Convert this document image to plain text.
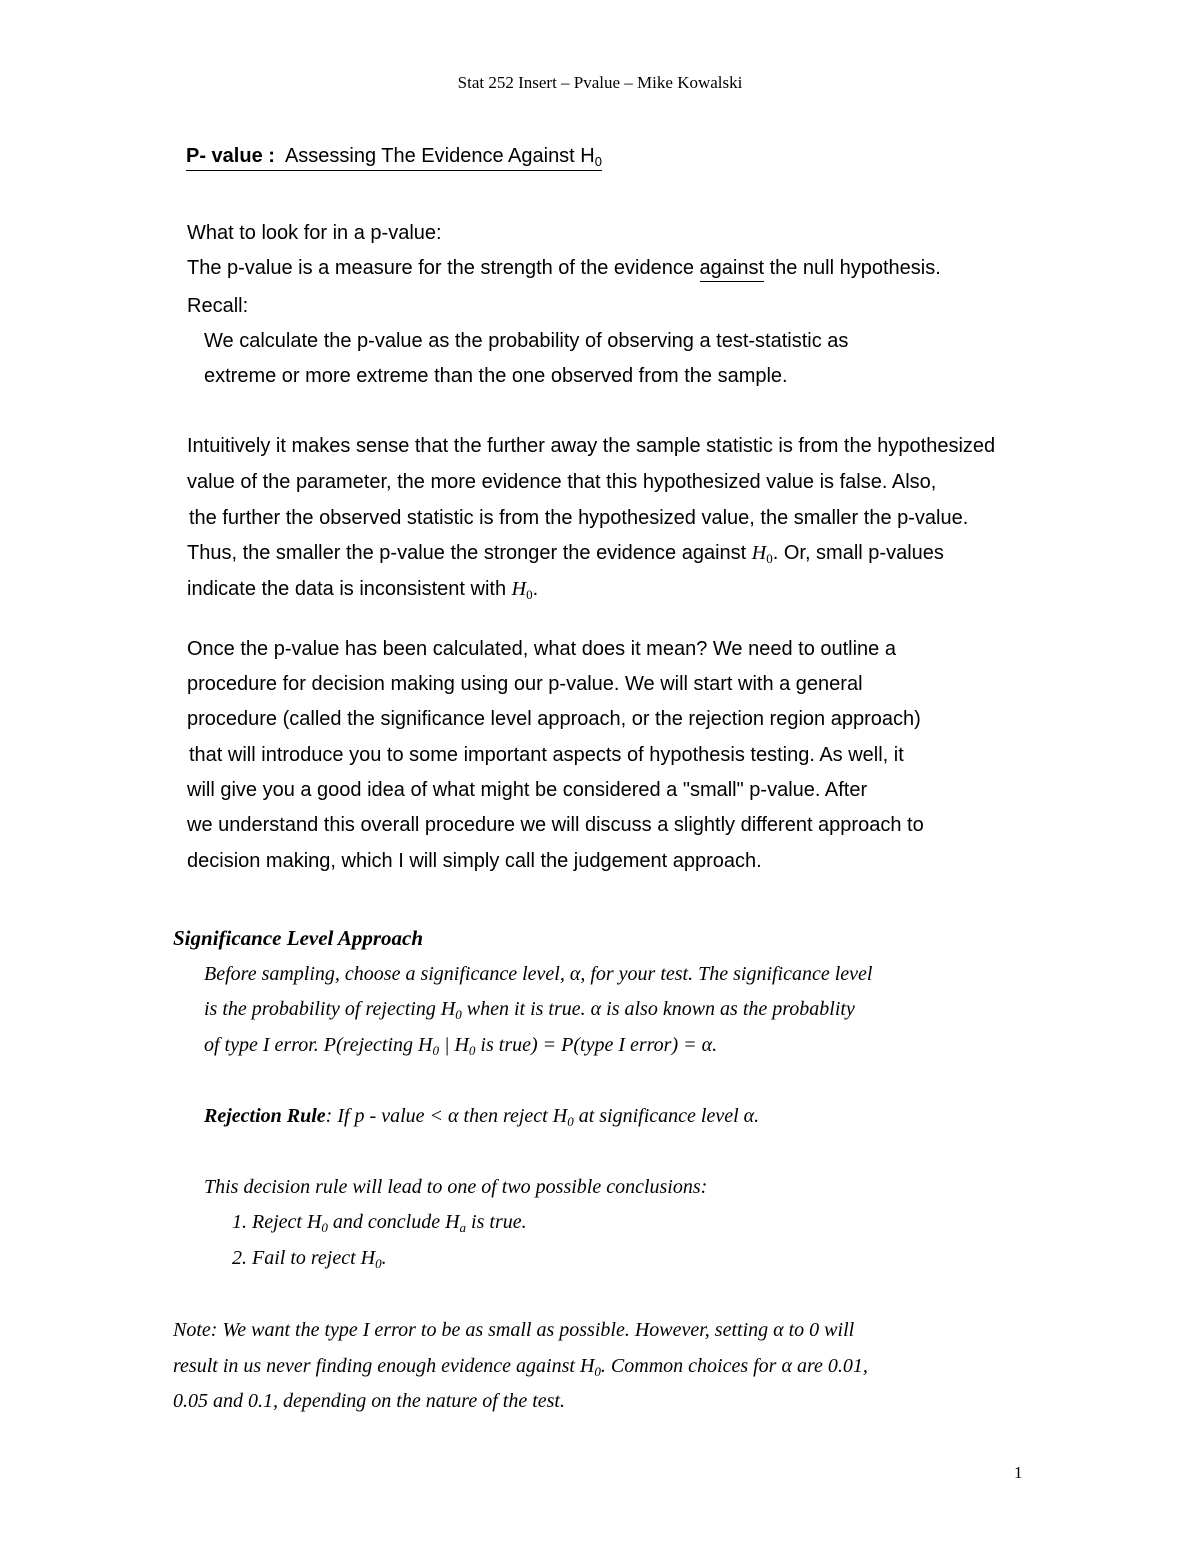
Stat 252 Insert – Pvalue – Mike Kowalski
P- value : Assessing The Evidence Against $H_0$
What to look for in a p-value:
The p-value is a measure for the strength of the evidence against the null hypothesis.
Recall:
We calculate the p-value as the probability of observing a test-statistic as
extreme or more extreme than the one observed from the sample.
Intuitively it makes sense that the further away the sample statistic is from the hypothesized
value of the parameter, the more evidence that this hypothesized value is false. Also,
the further the observed statistic is from the hypothesized value, the smaller the p-value.
Thus, the smaller the p-value the stronger the evidence against $H_0$. Or, small p-values
indicate the data is inconsistent with $H_0$.
Once the p-value has been calculated, what does it mean? We need to outline a
procedure for decision making using our p-value. We will start with a general
procedure (called the significance level approach, or the rejection region approach)
that will introduce you to some important aspects of hypothesis testing. As well, it
will give you a good idea of what might be considered a "small" p-value. After
we understand this overall procedure we will discuss a slightly different approach to
decision making, which I will simply call the judgement approach.
Significance Level Approach
Before sampling, choose a significance level, α, for your test. The significance level
is the probability of rejecting $H_0$ when it is true. α is also known as the probablity
of type I error. P(rejecting $H_0$ | $H_0$ is true) = P(type I error) = α.
Rejection Rule: If p - value < α then reject $H_0$ at significance level α.
This decision rule will lead to one of two possible conclusions:
1. Reject $H_0$ and conclude $H_a$ is true.
2. Fail to reject $H_0$.
Note: We want the type I error to be as small as possible. However, setting α to 0 will
result in us never finding enough evidence against $H_0$. Common choices for α are 0.01,
0.05 and 0.1, depending on the nature of the test.
1
